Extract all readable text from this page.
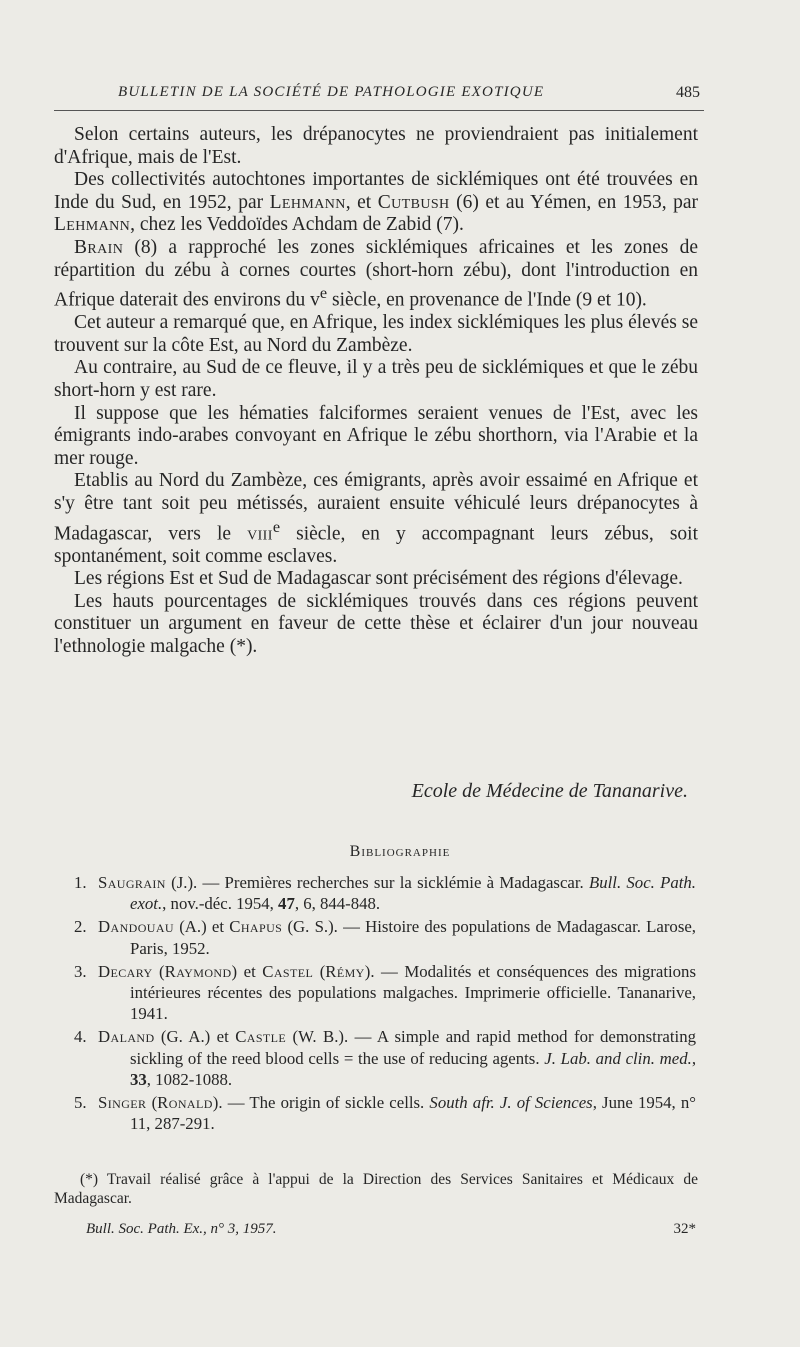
BULLETIN DE LA SOCIÉTÉ DE PATHOLOGIE EXOTIQUE	485

Selon certains auteurs, les drépanocytes ne proviendraient pas initialement d'Afrique, mais de l'Est.

Des collectivités autochtones importantes de sicklémiques ont été trouvées en Inde du Sud, en 1952, par Lehmann, et Cutbush (6) et au Yémen, en 1953, par Lehmann, chez les Veddoïdes Achdam de Zabid (7).

Brain (8) a rapproché les zones sicklémiques africaines et les zones de répartition du zébu à cornes courtes (short-horn zébu), dont l'introduction en Afrique daterait des environs du $v^e$ siècle, en provenance de l'Inde (9 et 10).

Cet auteur a remarqué que, en Afrique, les index sicklémiques les plus élevés se trouvent sur la côte Est, au Nord du Zambèze.

Au contraire, au Sud de ce fleuve, il y a très peu de sicklémiques et que le zébu short-horn y est rare.

Il suppose que les hématies falciformes seraient venues de l'Est, avec les émigrants indo-arabes convoyant en Afrique le zébu shorthorn, via l'Arabie et la mer rouge.

Etablis au Nord du Zambèze, ces émigrants, après avoir essaimé en Afrique et s'y être tant soit peu métissés, auraient ensuite véhiculé leurs drépanocytes à Madagascar, vers le viii$^e$ siècle, en y accompagnant leurs zébus, soit spontanément, soit comme esclaves.

Les régions Est et Sud de Madagascar sont précisément des régions d'élevage.

Les hauts pourcentages de sicklémiques trouvés dans ces régions peuvent constituer un argument en faveur de cette thèse et éclairer d'un jour nouveau l'ethnologie malgache (*).

Ecole de Médecine de Tananarive.
Bibliographie
1. Saugrain (J.). — Premières recherches sur la sicklémie à Madagascar. Bull. Soc. Path. exot., nov.-déc. 1954, 47, 6, 844-848.
2. Dandouau (A.) et Chapus (G. S.). — Histoire des populations de Madagascar. Larose, Paris, 1952.
3. Decary (Raymond) et Castel (Rémy). — Modalités et conséquences des migrations intérieures récentes des populations malgaches. Imprimerie officielle. Tananarive, 1941.
4. Daland (G. A.) et Castle (W. B.). — A simple and rapid method for demonstrating sickling of the reed blood cells = the use of reducing agents. J. Lab. and clin. med., 33, 1082-1088.
5. Singer (Ronald). — The origin of sickle cells. South afr. J. of Sciences, June 1954, n° 11, 287-291.
(*) Travail réalisé grâce à l'appui de la Direction des Services Sanitaires et Médicaux de Madagascar.
Bull. Soc. Path. Ex., n° 3, 1957.	32*
